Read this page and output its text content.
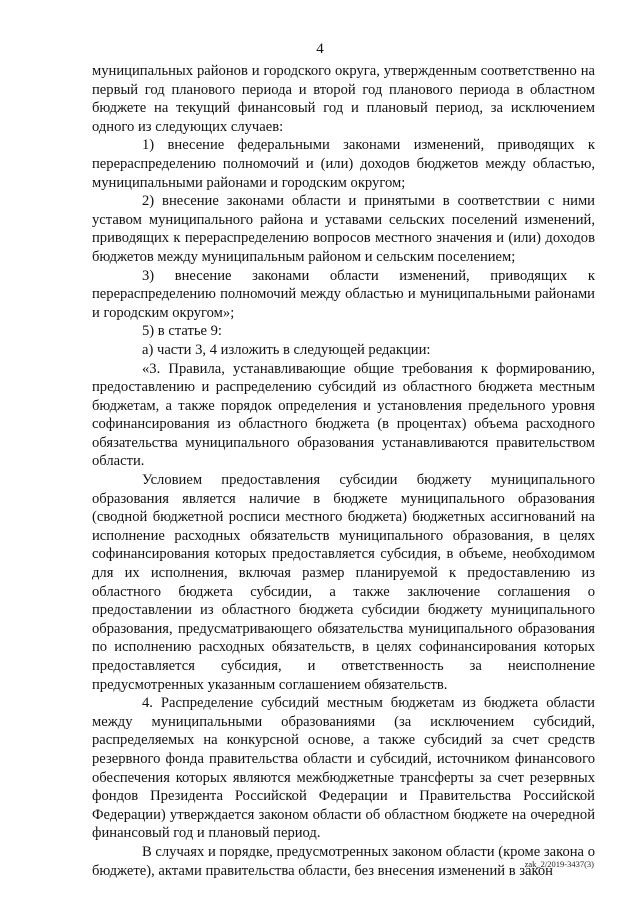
4

муниципальных районов и городского округа, утвержденным соответственно на первый год планового периода и второй год планового периода в областном бюджете на текущий финансовый год и плановый период, за исключением одного из следующих случаев:

1) внесение федеральными законами изменений, приводящих к перераспределению полномочий и (или) доходов бюджетов между областью, муниципальными районами и городским округом;

2) внесение законами области и принятыми в соответствии с ними уставом муниципального района и уставами сельских поселений изменений, приводящих к перераспределению вопросов местного значения и (или) доходов бюджетов между муниципальным районом и сельским поселением;

3) внесение законами области изменений, приводящих к перераспределению полномочий между областью и муниципальными районами и городским округом»;

5) в статье 9:

а) части 3, 4 изложить в следующей редакции:

«3. Правила, устанавливающие общие требования к формированию, предоставлению и распределению субсидий из областного бюджета местным бюджетам, а также порядок определения и установления предельного уровня софинансирования из областного бюджета (в процентах) объема расходного обязательства муниципального образования устанавливаются правительством области.

Условием предоставления субсидии бюджету муниципального образования является наличие в бюджете муниципального образования (сводной бюджетной росписи местного бюджета) бюджетных ассигнований на исполнение расходных обязательств муниципального образования, в целях софинансирования которых предоставляется субсидия, в объеме, необходимом для их исполнения, включая размер планируемой к предоставлению из областного бюджета субсидии, а также заключение соглашения о предоставлении из областного бюджета субсидии бюджету муниципального образования, предусматривающего обязательства муниципального образования по исполнению расходных обязательств, в целях софинансирования которых предоставляется субсидия, и ответственность за неисполнение предусмотренных указанным соглашением обязательств.

4. Распределение субсидий местным бюджетам из бюджета области между муниципальными образованиями (за исключением субсидий, распределяемых на конкурсной основе, а также субсидий за счет средств резервного фонда правительства области и субсидий, источником финансового обеспечения которых являются межбюджетные трансферты за счет резервных фондов Президента Российской Федерации и Правительства Российской Федерации) утверждается законом области об областном бюджете на очередной финансовый год и плановый период.

В случаях и порядке, предусмотренных законом области (кроме закона о бюджете), актами правительства области, без внесения изменений в закон

zak_2/2019-3437(3)
